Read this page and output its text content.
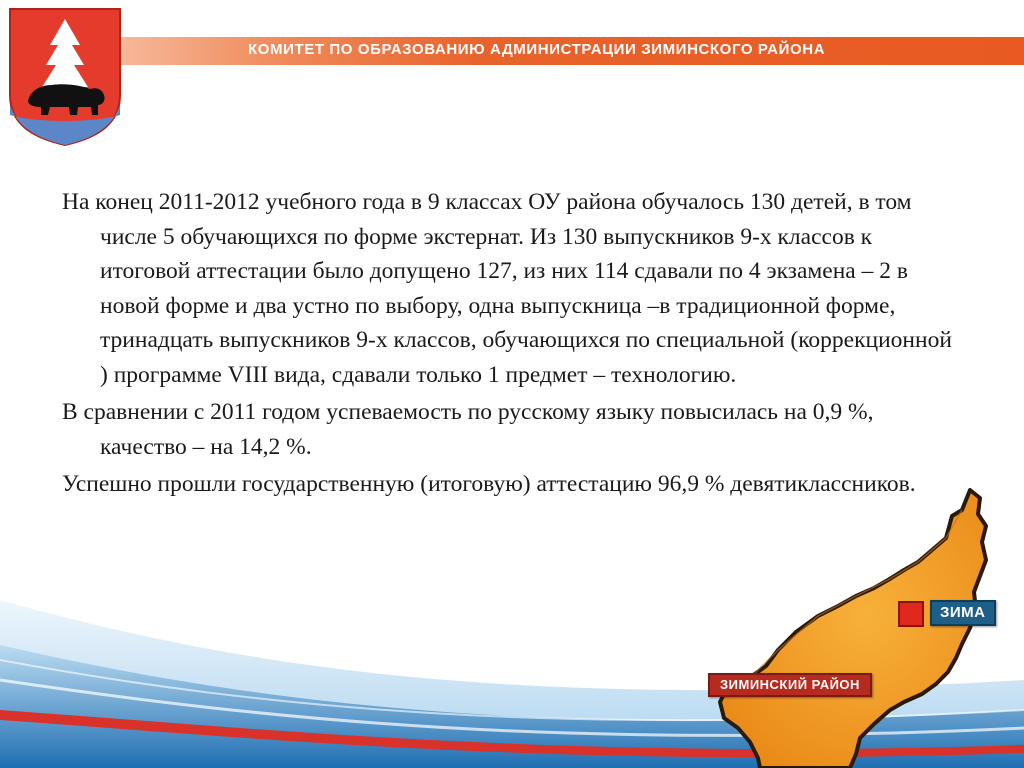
КОМИТЕТ ПО ОБРАЗОВАНИЮ АДМИНИСТРАЦИИ ЗИМИНСКОГО РАЙОНА

На конец 2011-2012 учебного года в 9 классах ОУ района обучалось 130 детей, в том числе 5 обучающихся по форме экстернат. Из 130 выпускников 9-х классов к итоговой аттестации было допущено 127, из них 114 сдавали по 4 экзамена – 2 в новой форме и два устно по выбору, одна выпускница –в традиционной форме, тринадцать выпускников 9-х классов, обучающихся по специальной (коррекционной ) программе VIII вида, сдавали только 1 предмет – технологию.

В сравнении с 2011 годом успеваемость по русскому языку повысилась на 0,9 %, качество – на 14,2 %.

Успешно прошли государственную (итоговую) аттестацию 96,9 % девятиклассников.

ЗИМА
ЗИМИНСКИЙ РАЙОН
